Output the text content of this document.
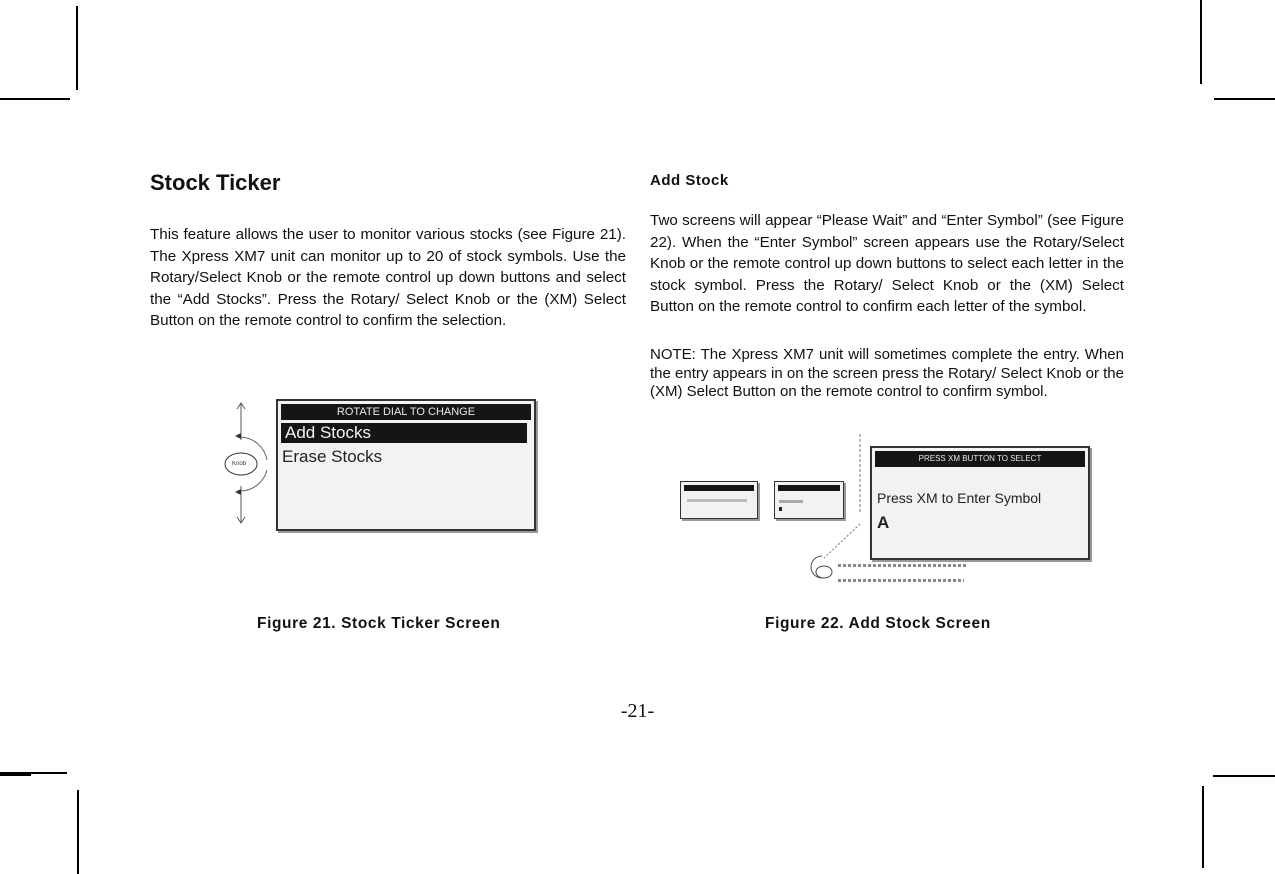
Stock Ticker

This feature allows the user to monitor various stocks (see Figure 21). The Xpress XM7 unit can monitor up to 20 of stock symbols. Use the Rotary/Select Knob or the remote control up down buttons and select the “Add Stocks”. Press the Rotary/ Select Knob or the (XM) Select Button on the remote control to confirm the selection.

Add Stock

Two screens will appear “Please Wait” and “Enter Symbol” (see Figure 22). When the “Enter Symbol” screen appears use the Rotary/Select Knob or the remote control up down buttons to select each letter in the stock symbol. Press the Rotary/ Select Knob or the (XM) Select Button on the remote control to confirm each letter of the symbol.

NOTE: The Xpress XM7 unit will sometimes complete the entry. When the entry appears in on the screen press the Rotary/ Select Knob or the (XM) Select Button on the remote control to confirm symbol.

Knob
ROTATE DIAL TO CHANGE
Add Stocks
Erase Stocks
Figure 21. Stock Ticker Screen
PRESS XM BUTTON TO SELECT
Press XM to Enter Symbol
A
Figure 22. Add Stock Screen
-21-
